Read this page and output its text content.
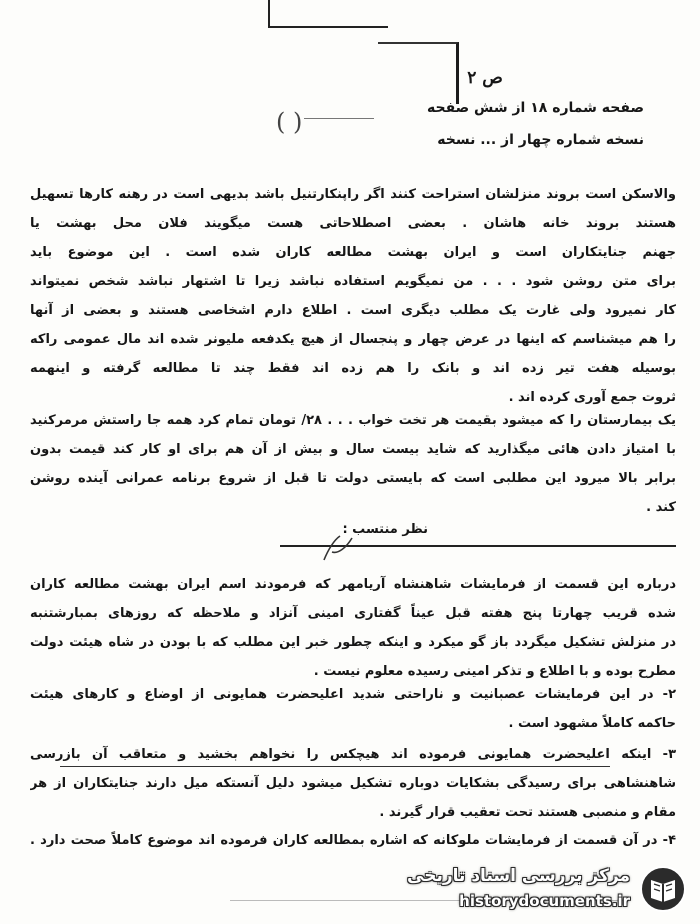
ص ۲
( )	صفحه شماره ۱۸ از شش صفحه
نسخه شماره چهار از ... نسخه
والاسکن است بروند منزلشان استراحت کنند اگر راپنکارتنیل باشد بدیهی است در رهنه کارها تسهیل
هستند بروند خانه هاشان . بعضی اصطلاحاتی هست میگویند فلان محل بهشت یا
جهنم جنایتکاران است و ایران بهشت مطالعه کاران شده است . این موضوع باید
برای متن روشن شود . . . من نمیگویم استفاده نباشد زیرا تا اشتهار نباشد شخص نمیتواند
کار نمیرود ولی غارت یک مطلب دیگری است . اطلاع دارم اشخاصی هستند و بعضی از آنها
را هم میشناسم که اینها در عرض چهار و پنجسال از هیچ یکدفعه ملیونر شده اند مال عمومی راکه
بوسیله هفت تیر زده اند و بانک را هم زده اند فقط چند تا مطالعه گرفته و اینهمه
ثروت جمع آوری کرده اند .
یک بیمارستان را که میشود بقیمت هر تخت خواب . . . ۲۸/ تومان تمام کرد همه جا راستش مرمرکنید
با امتیاز دادن هائی میگذارید که شاید بیست سال و بیش از آن هم برای او کار کند قیمت بدون
برابر بالا میرود این مطلبی است که بایستی دولت تا قبل از شروع برنامه عمرانی آینده روشن
کند .
نظر منتسب :
درباره این قسمت از فرمایشات شاهنشاه آریامهر که فرمودند اسم ایران بهشت مطالعه کاران
شده قریب چهارتا پنج هفته قبل عیناً گفتاری امینی آنزاد و ملاحظه که روزهای بمبارشتنبه
در منزلش تشکیل میگردد باز گو میکرد و اینکه چطور خبر این مطلب که با بودن در شاه هیئت دولت
مطرح بوده و با اطلاع و تذکر امینی رسیده معلوم نیست .
۲- در این فرمایشات عصبانیت و ناراحتی شدید اعلیحضرت همایونی از اوضاع و کارهای هیئت
حاکمه کاملاً مشهود است .
۳- اینکه اعلیحضرت همایونی فرموده اند هیچکس را نخواهم بخشید و متعاقب آن بازرسی
شاهنشاهی برای رسیدگی بشکایات دوباره تشکیل میشود دلیل آنستکه میل دارند جنایتکاران از هر
مقام و منصبی هستند تحت تعقیب قرار گیرند .
۴- در آن قسمت از فرمایشات ملوکانه که اشاره بمطالعه کاران فرموده اند موضوع کاملاً صحت دارد .
مرکز بررسی اسناد تاریخی
historydocuments.ir
